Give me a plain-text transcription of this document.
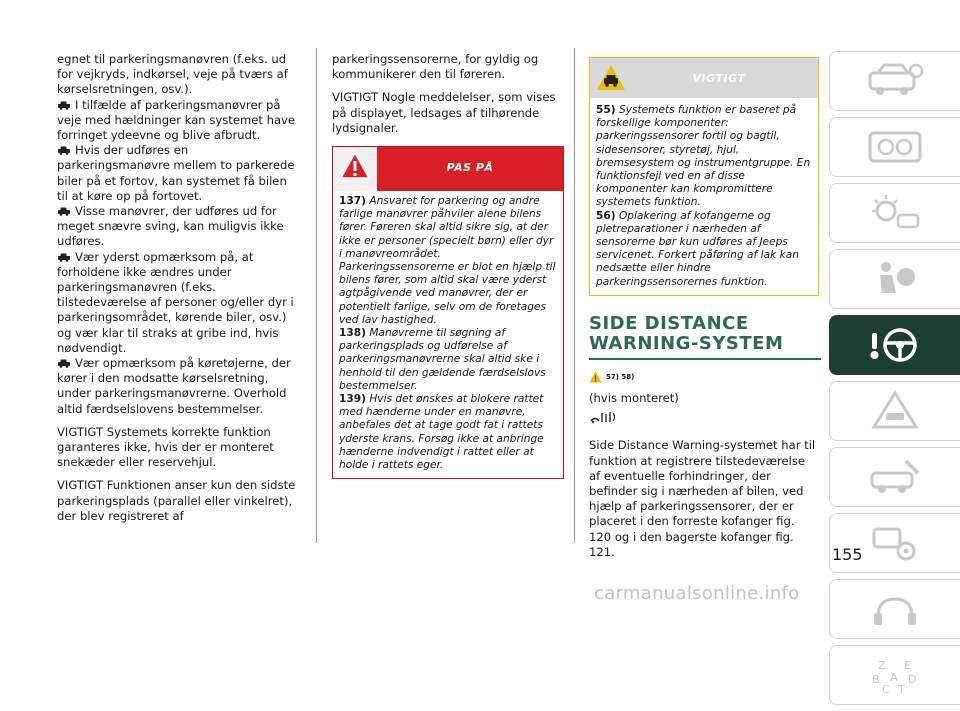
egnet til parkeringsmanøvren (f.eks. ud for vejkryds, indkørsel, veje på tværs af kørselsretningen, osv.).

I tilfælde af parkeringsmanøvrer på veje med hældninger kan systemet have forringet ydeevne og blive afbrudt.

Hvis der udføres en parkeringsmanøvre mellem to parkerede biler på et fortov, kan systemet få bilen til at køre op på fortovet.

Visse manøvrer, der udføres ud for meget snævre sving, kan muligvis ikke udføres.

Vær yderst opmærksom på, at forholdene ikke ændres under parkeringsmanøvren (f.eks. tilstedeværelse af personer og/eller dyr i parkeringsområdet, kørende biler, osv.) og vær klar til straks at gribe ind, hvis nødvendigt.

Vær opmærksom på køretøjerne, der kører i den modsatte kørselsretning, under parkeringsmanøvrerne. Overhold altid færdselslovens bestemmelser.

VIGTIGT Systemets korrekte funktion garanteres ikke, hvis der er monteret snekæder eller reservehjul.

VIGTIGT Funktionen anser kun den sidste parkeringsplads (parallel eller vinkelret), der blev registreret af

parkeringssensorerne, for gyldig og kommunikerer den til føreren.

VIGTIGT Nogle meddelelser, som vises på displayet, ledsages af tilhørende lydsignaler.

PAS PÅ
137) Ansvaret for parkering og andre farlige manøvrer påhviler alene bilens fører. Føreren skal altid sikre sig, at der ikke er personer (specielt børn) eller dyr i manøvreområdet. Parkeringssensorerne er blot en hjælp til bilens fører, som altid skal være yderst agtpågivende ved manøvrer, der er potentielt farlige, selv om de foretages ved lav hastighed.
138) Manøvrerne til søgning af parkeringsplads og udførelse af parkeringsmanøvrerne skal altid ske i henhold til den gældende færdselslovs bestemmelser.
139) Hvis det ønskes at blokere rattet med hænderne under en manøvre, anbefales det at tage godt fat i rattets yderste krans. Forsøg ikke at anbringe hænderne indvendigt i rattet eller at holde i rattets eger.
VIGTIGT
55) Systemets funktion er baseret på forskellige komponenter: parkeringssensorer fortil og bagtil, sidesensorer, styretøj, hjul, bremsesystem og instrumentgruppe. En funktionsfejl ved en af disse komponenter kan kompromittere systemets funktion.
56) Oplakering af kofangerne og pletreparationer i nærheden af sensorerne bør kun udføres af Jeeps servicenet. Forkert påføring af lak kan nedsætte eller hindre parkeringssensorernes funktion.
SIDE DISTANCE
WARNING-SYSTEM
57) 58)
(hvis monteret)

Side Distance Warning-systemet har til funktion at registrere tilstedeværelse af eventuelle forhindringer, der befinder sig i nærheden af bilen, ved hjælp af parkeringssensorer, der er placeret i den forreste kofanger fig. 120 og i den bagerste kofanger fig. 121.

Z E
B A D
C T
155
carmanualsonline.info
